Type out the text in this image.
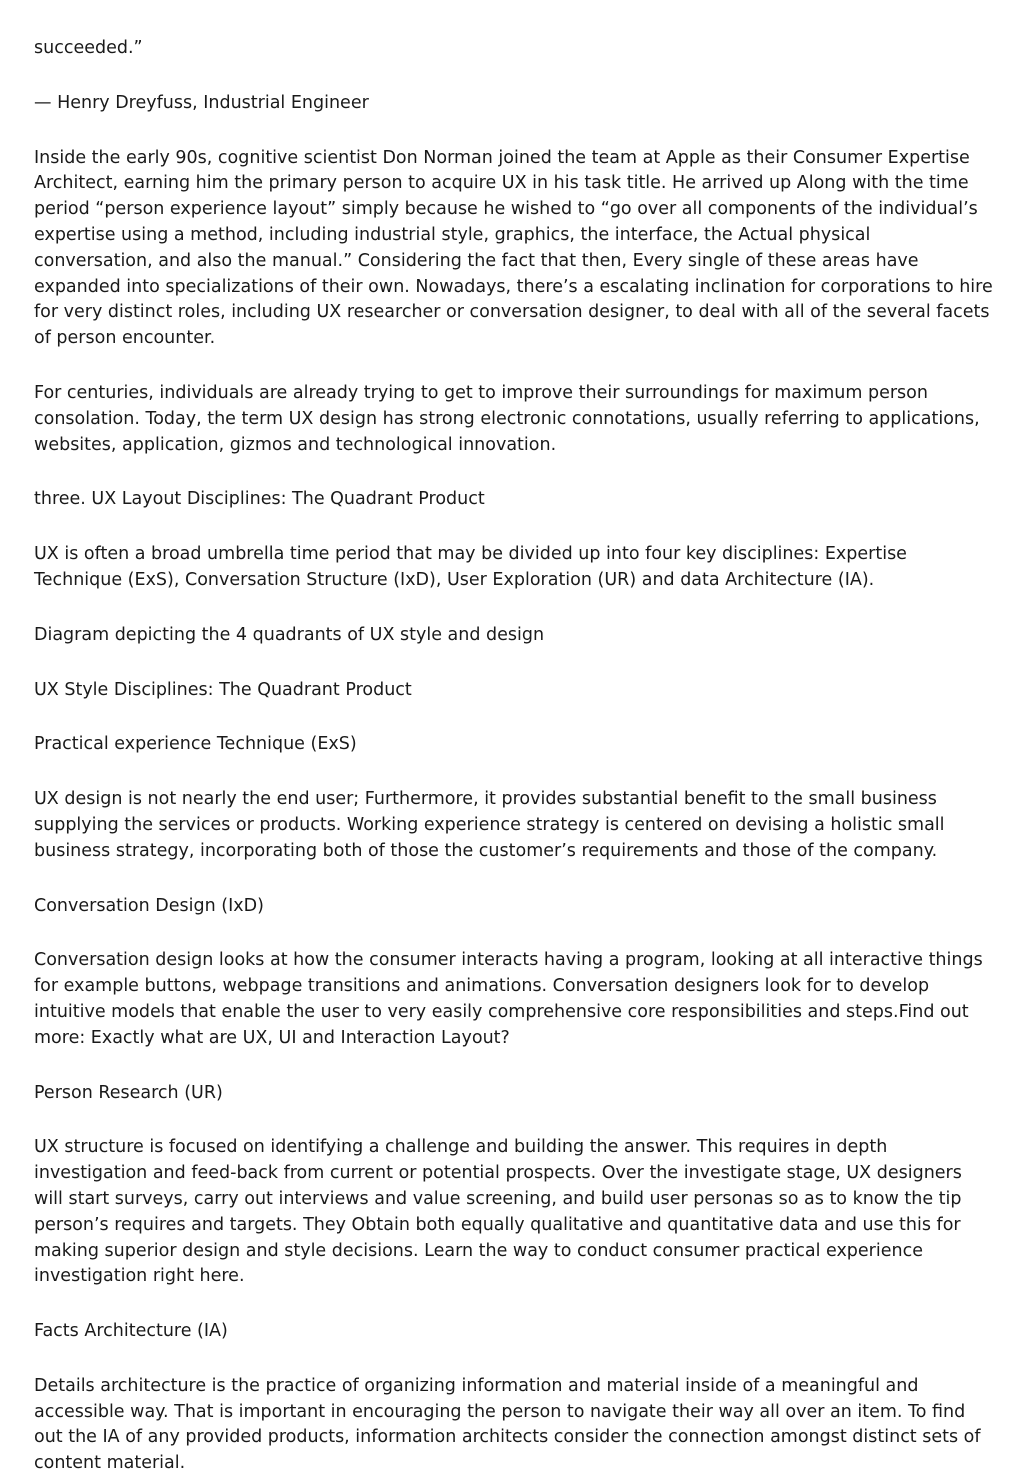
succeeded.”

— Henry Dreyfuss, Industrial Engineer

Inside the early 90s, cognitive scientist Don Norman joined the team at Apple as their Consumer Expertise Architect, earning him the primary person to acquire UX in his task title. He arrived up Along with the time period “person experience layout” simply because he wished to “go over all components of the individual’s expertise using a method, including industrial style, graphics, the interface, the Actual physical conversation, and also the manual.” Considering the fact that then, Every single of these areas have expanded into specializations of their own. Nowadays, there’s a escalating inclination for corporations to hire for very distinct roles, including UX researcher or conversation designer, to deal with all of the several facets of person encounter.

For centuries, individuals are already trying to get to improve their surroundings for maximum person consolation. Today, the term UX design has strong electronic connotations, usually referring to applications, websites, application, gizmos and technological innovation.

three. UX Layout Disciplines: The Quadrant Product

UX is often a broad umbrella time period that may be divided up into four key disciplines: Expertise Technique (ExS), Conversation Structure (IxD), User Exploration (UR) and data Architecture (IA).

Diagram depicting the 4 quadrants of UX style and design

UX Style Disciplines: The Quadrant Product

Practical experience Technique (ExS)

UX design is not nearly the end user; Furthermore, it provides substantial benefit to the small business supplying the services or products. Working experience strategy is centered on devising a holistic small business strategy, incorporating both of those the customer’s requirements and those of the company.

Conversation Design (IxD)

Conversation design looks at how the consumer interacts having a program, looking at all interactive things for example buttons, webpage transitions and animations. Conversation designers look for to develop intuitive models that enable the user to very easily comprehensive core responsibilities and steps.Find out more: Exactly what are UX, UI and Interaction Layout?

Person Research (UR)

UX structure is focused on identifying a challenge and building the answer. This requires in depth investigation and feed-back from current or potential prospects. Over the investigate stage, UX designers will start surveys, carry out interviews and value screening, and build user personas so as to know the tip person’s requires and targets. They Obtain both equally qualitative and quantitative data and use this for making superior design and style decisions. Learn the way to conduct consumer practical experience investigation right here.

Facts Architecture (IA)

Details architecture is the practice of organizing information and material inside of a meaningful and accessible way. That is important in encouraging the person to navigate their way all over an item. To find out the IA of any provided products, information architects consider the connection amongst distinct sets of content material.
